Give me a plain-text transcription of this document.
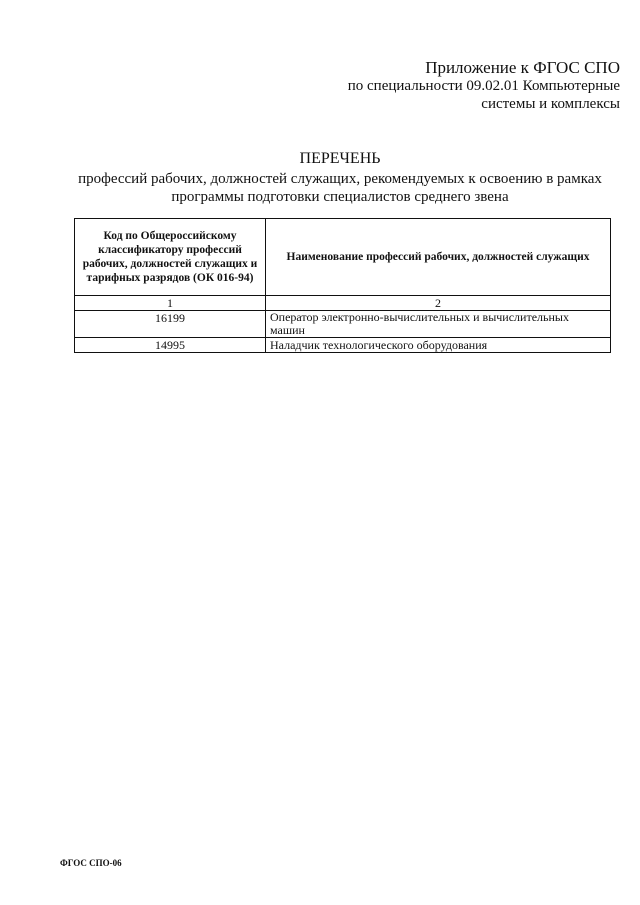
Приложение к ФГОС СПО
по специальности 09.02.01 Компьютерные
системы и комплексы
ПЕРЕЧЕНЬ
профессий рабочих, должностей служащих, рекомендуемых к освоению в рамках
программы подготовки специалистов среднего звена
Код по Общероссийскому классификатору профессий рабочих, должностей служащих и тарифных разрядов (ОК 016-94)	Наименование профессий рабочих, должностей служащих
1	2
16199	Оператор электронно-вычислительных и вычислительных машин
14995	Наладчик технологического оборудования
ФГОС СПО-06
